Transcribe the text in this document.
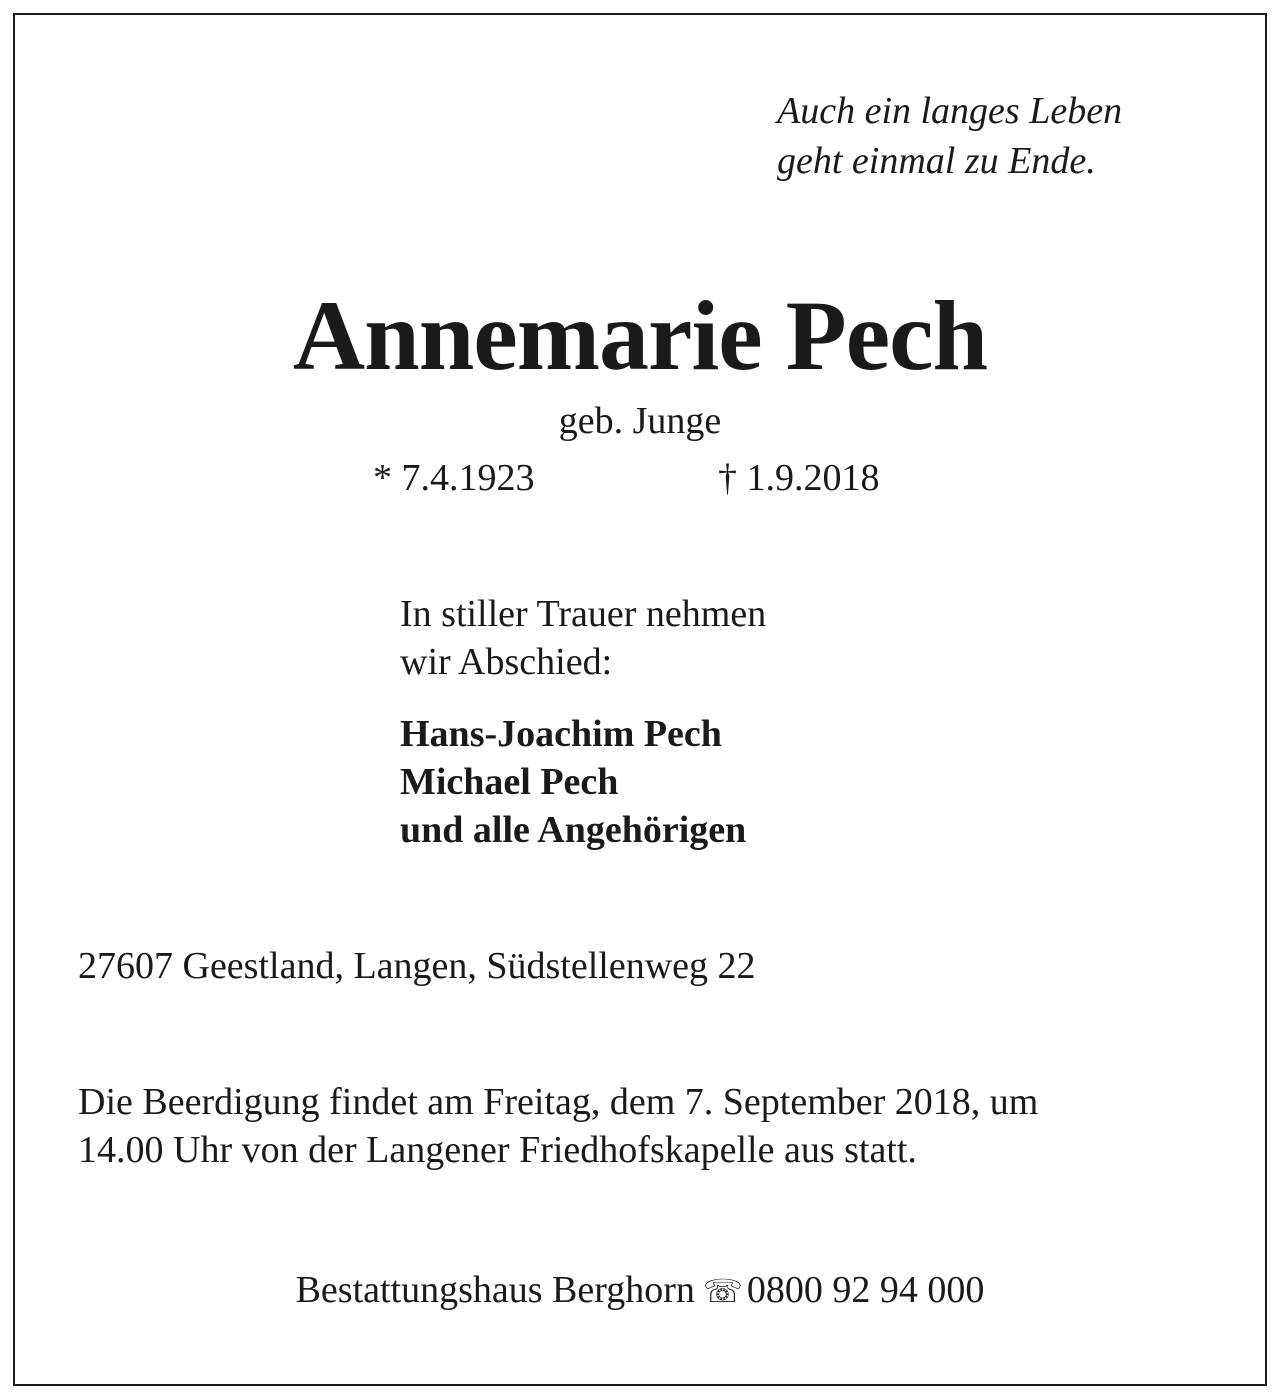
Auch ein langes Leben
geht einmal zu Ende.
Annemarie Pech
geb. Junge
* 7.4.1923	† 1.9.2018
In stiller Trauer nehmen
wir Abschied:
Hans-Joachim Pech
Michael Pech
und alle Angehörigen
27607 Geestland, Langen, Südstellenweg 22
Die Beerdigung findet am Freitag, dem 7. September 2018, um
14.00 Uhr von der Langener Friedhofskapelle aus statt.
Bestattungshaus Berghorn ☏ 0800 92 94 000
